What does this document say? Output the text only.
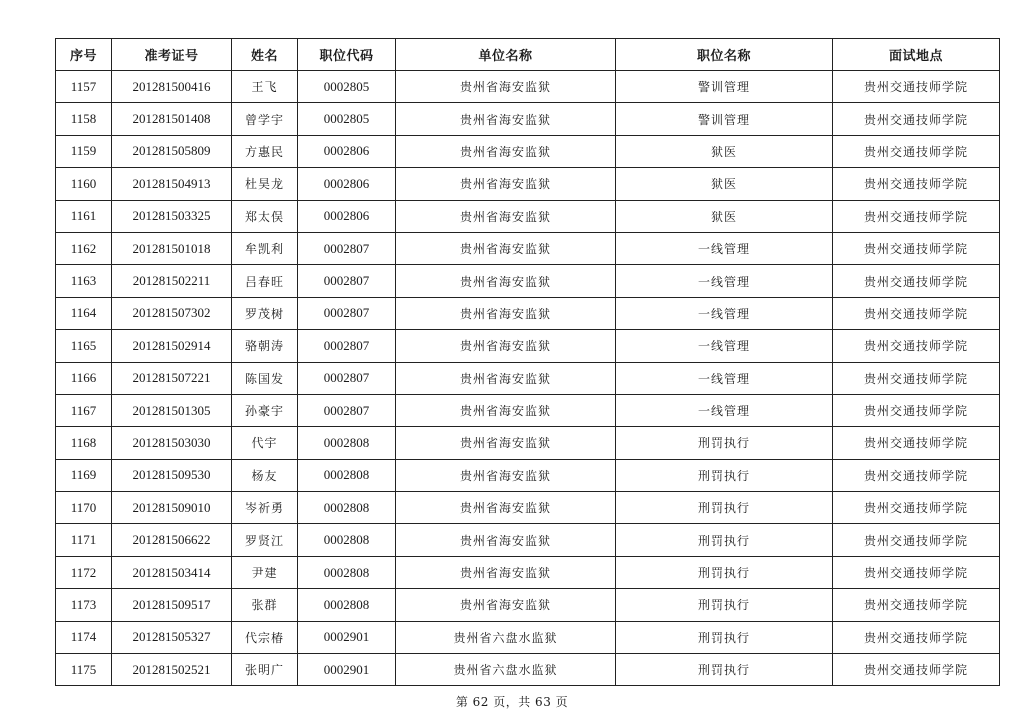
序号	准考证号	姓名	职位代码	单位名称	职位名称	面试地点
1157	201281500416	王飞	0002805	贵州省海安监狱	警训管理	贵州交通技师学院
1158	201281501408	曾学宇	0002805	贵州省海安监狱	警训管理	贵州交通技师学院
1159	201281505809	方惠民	0002806	贵州省海安监狱	狱医	贵州交通技师学院
1160	201281504913	杜昊龙	0002806	贵州省海安监狱	狱医	贵州交通技师学院
1161	201281503325	郑太俣	0002806	贵州省海安监狱	狱医	贵州交通技师学院
1162	201281501018	牟凯利	0002807	贵州省海安监狱	一线管理	贵州交通技师学院
1163	201281502211	吕春旺	0002807	贵州省海安监狱	一线管理	贵州交通技师学院
1164	201281507302	罗茂树	0002807	贵州省海安监狱	一线管理	贵州交通技师学院
1165	201281502914	骆朝涛	0002807	贵州省海安监狱	一线管理	贵州交通技师学院
1166	201281507221	陈国发	0002807	贵州省海安监狱	一线管理	贵州交通技师学院
1167	201281501305	孙豪宇	0002807	贵州省海安监狱	一线管理	贵州交通技师学院
1168	201281503030	代宇	0002808	贵州省海安监狱	刑罚执行	贵州交通技师学院
1169	201281509530	杨友	0002808	贵州省海安监狱	刑罚执行	贵州交通技师学院
1170	201281509010	岑祈勇	0002808	贵州省海安监狱	刑罚执行	贵州交通技师学院
1171	201281506622	罗贤江	0002808	贵州省海安监狱	刑罚执行	贵州交通技师学院
1172	201281503414	尹建	0002808	贵州省海安监狱	刑罚执行	贵州交通技师学院
1173	201281509517	张群	0002808	贵州省海安监狱	刑罚执行	贵州交通技师学院
1174	201281505327	代宗椿	0002901	贵州省六盘水监狱	刑罚执行	贵州交通技师学院
1175	201281502521	张明广	0002901	贵州省六盘水监狱	刑罚执行	贵州交通技师学院
第 62 页，共 63 页
